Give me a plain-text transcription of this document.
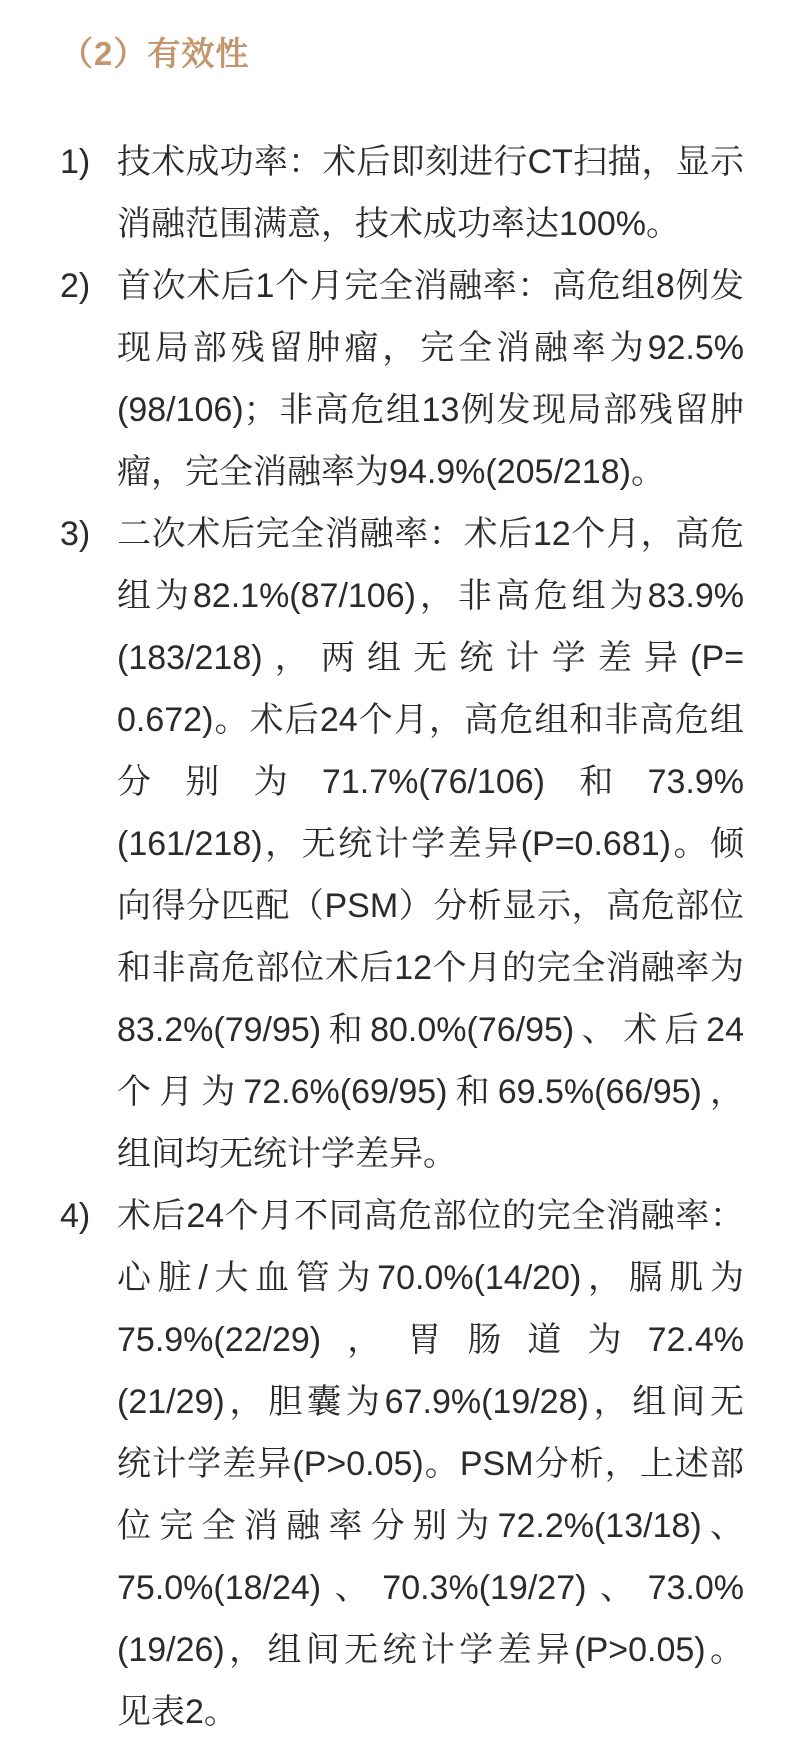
（2）有效性
1) 技术成功率：术后即刻进行CT扫描，显示
消融范围满意，技术成功率达100%。
2) 首次术后1个月完全消融率：高危组8例发
现局部残留肿瘤，完全消融率为92.5%
(98/106)；非高危组13例发现局部残留肿
瘤，完全消融率为94.9%(205/218)。
3) 二次术后完全消融率：术后12个月，高危
组为82.1%(87/106)，非高危组为83.9%
(183/218)，两组无统计学差异(P=
0.672)。术后24个月，高危组和非高危组
分别为71.7%(76/106)和73.9%
(161/218)，无统计学差异(P=0.681)。倾
向得分匹配（PSM）分析显示，高危部位
和非高危部位术后12个月的完全消融率为
83.2%(79/95)和80.0%(76/95)、术后24
个月为72.6%(69/95)和69.5%(66/95)，
组间均无统计学差异。
4) 术后24个月不同高危部位的完全消融率：
心脏/大血管为70.0%(14/20)，膈肌为
75.9%(22/29)，胃肠道为72.4%
(21/29)，胆囊为67.9%(19/28)，组间无
统计学差异(P>0.05)。PSM分析，上述部
位完全消融率分别为72.2%(13/18)、
75.0%(18/24)、70.3%(19/27)、73.0%
(19/26)，组间无统计学差异(P>0.05)。
见表2。
